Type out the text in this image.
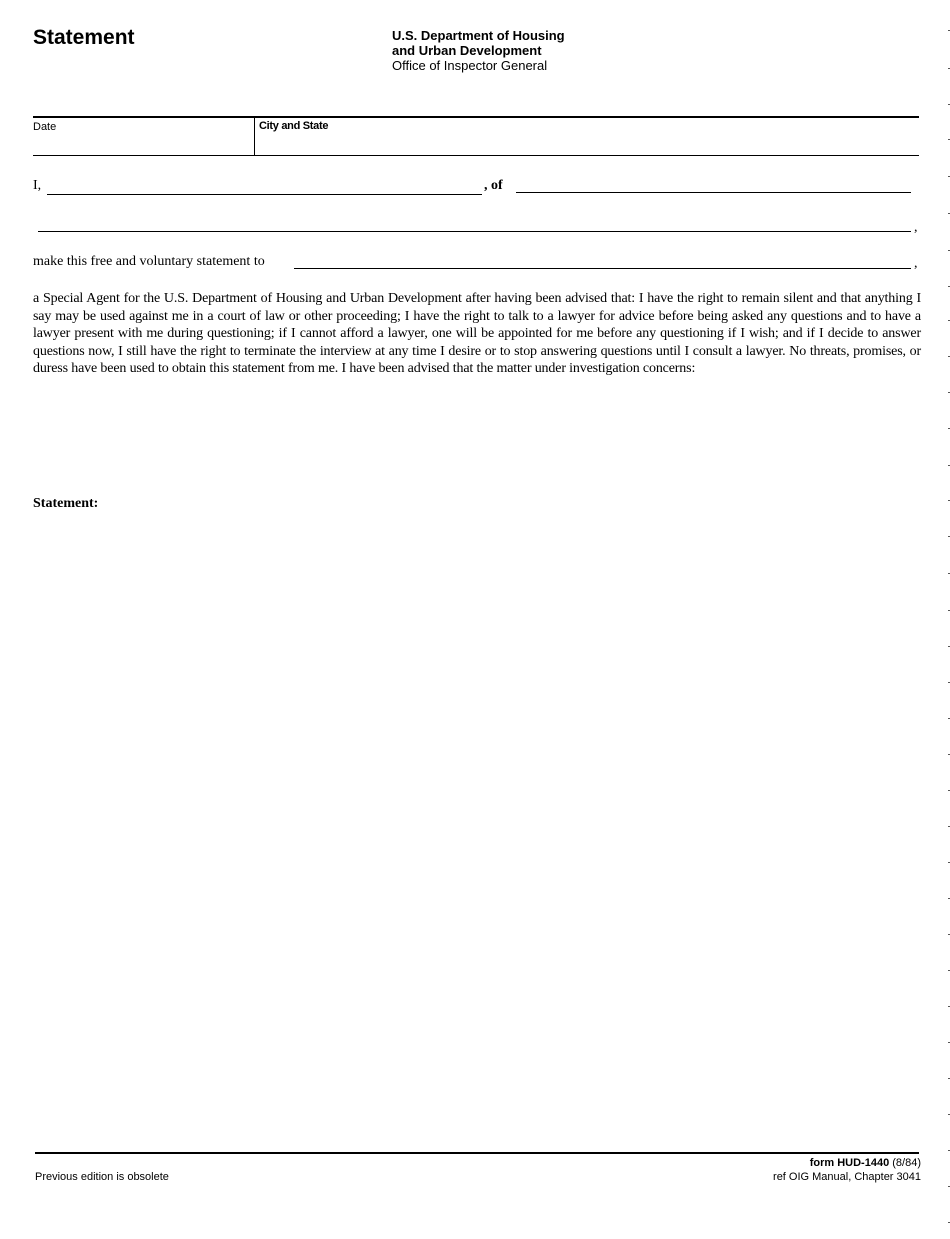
Statement	U.S. Department of Housing
and Urban Development
Office of Inspector General
Date	City and State
I,	, of
,
make this free and voluntary statement to	,
a Special Agent for the U.S. Department of Housing and Urban Development after having been advised that: I have the right to remain silent and that anything I say may be used against me in a court of law or other proceeding; I have the right to talk to a lawyer for advice before being asked any questions and to have a lawyer present with me during questioning; if I cannot afford a lawyer, one will be appointed for me before any questioning if I wish; and if I decide to answer questions now, I still have the right to terminate the interview at any time I desire or to stop answering questions until I consult a lawyer. No threats, promises, or duress have been used to obtain this statement from me. I have been advised that the matter under investigation concerns:
Statement:
Previous edition is obsolete
form HUD-1440 (8/84)
ref OIG Manual, Chapter 3041
